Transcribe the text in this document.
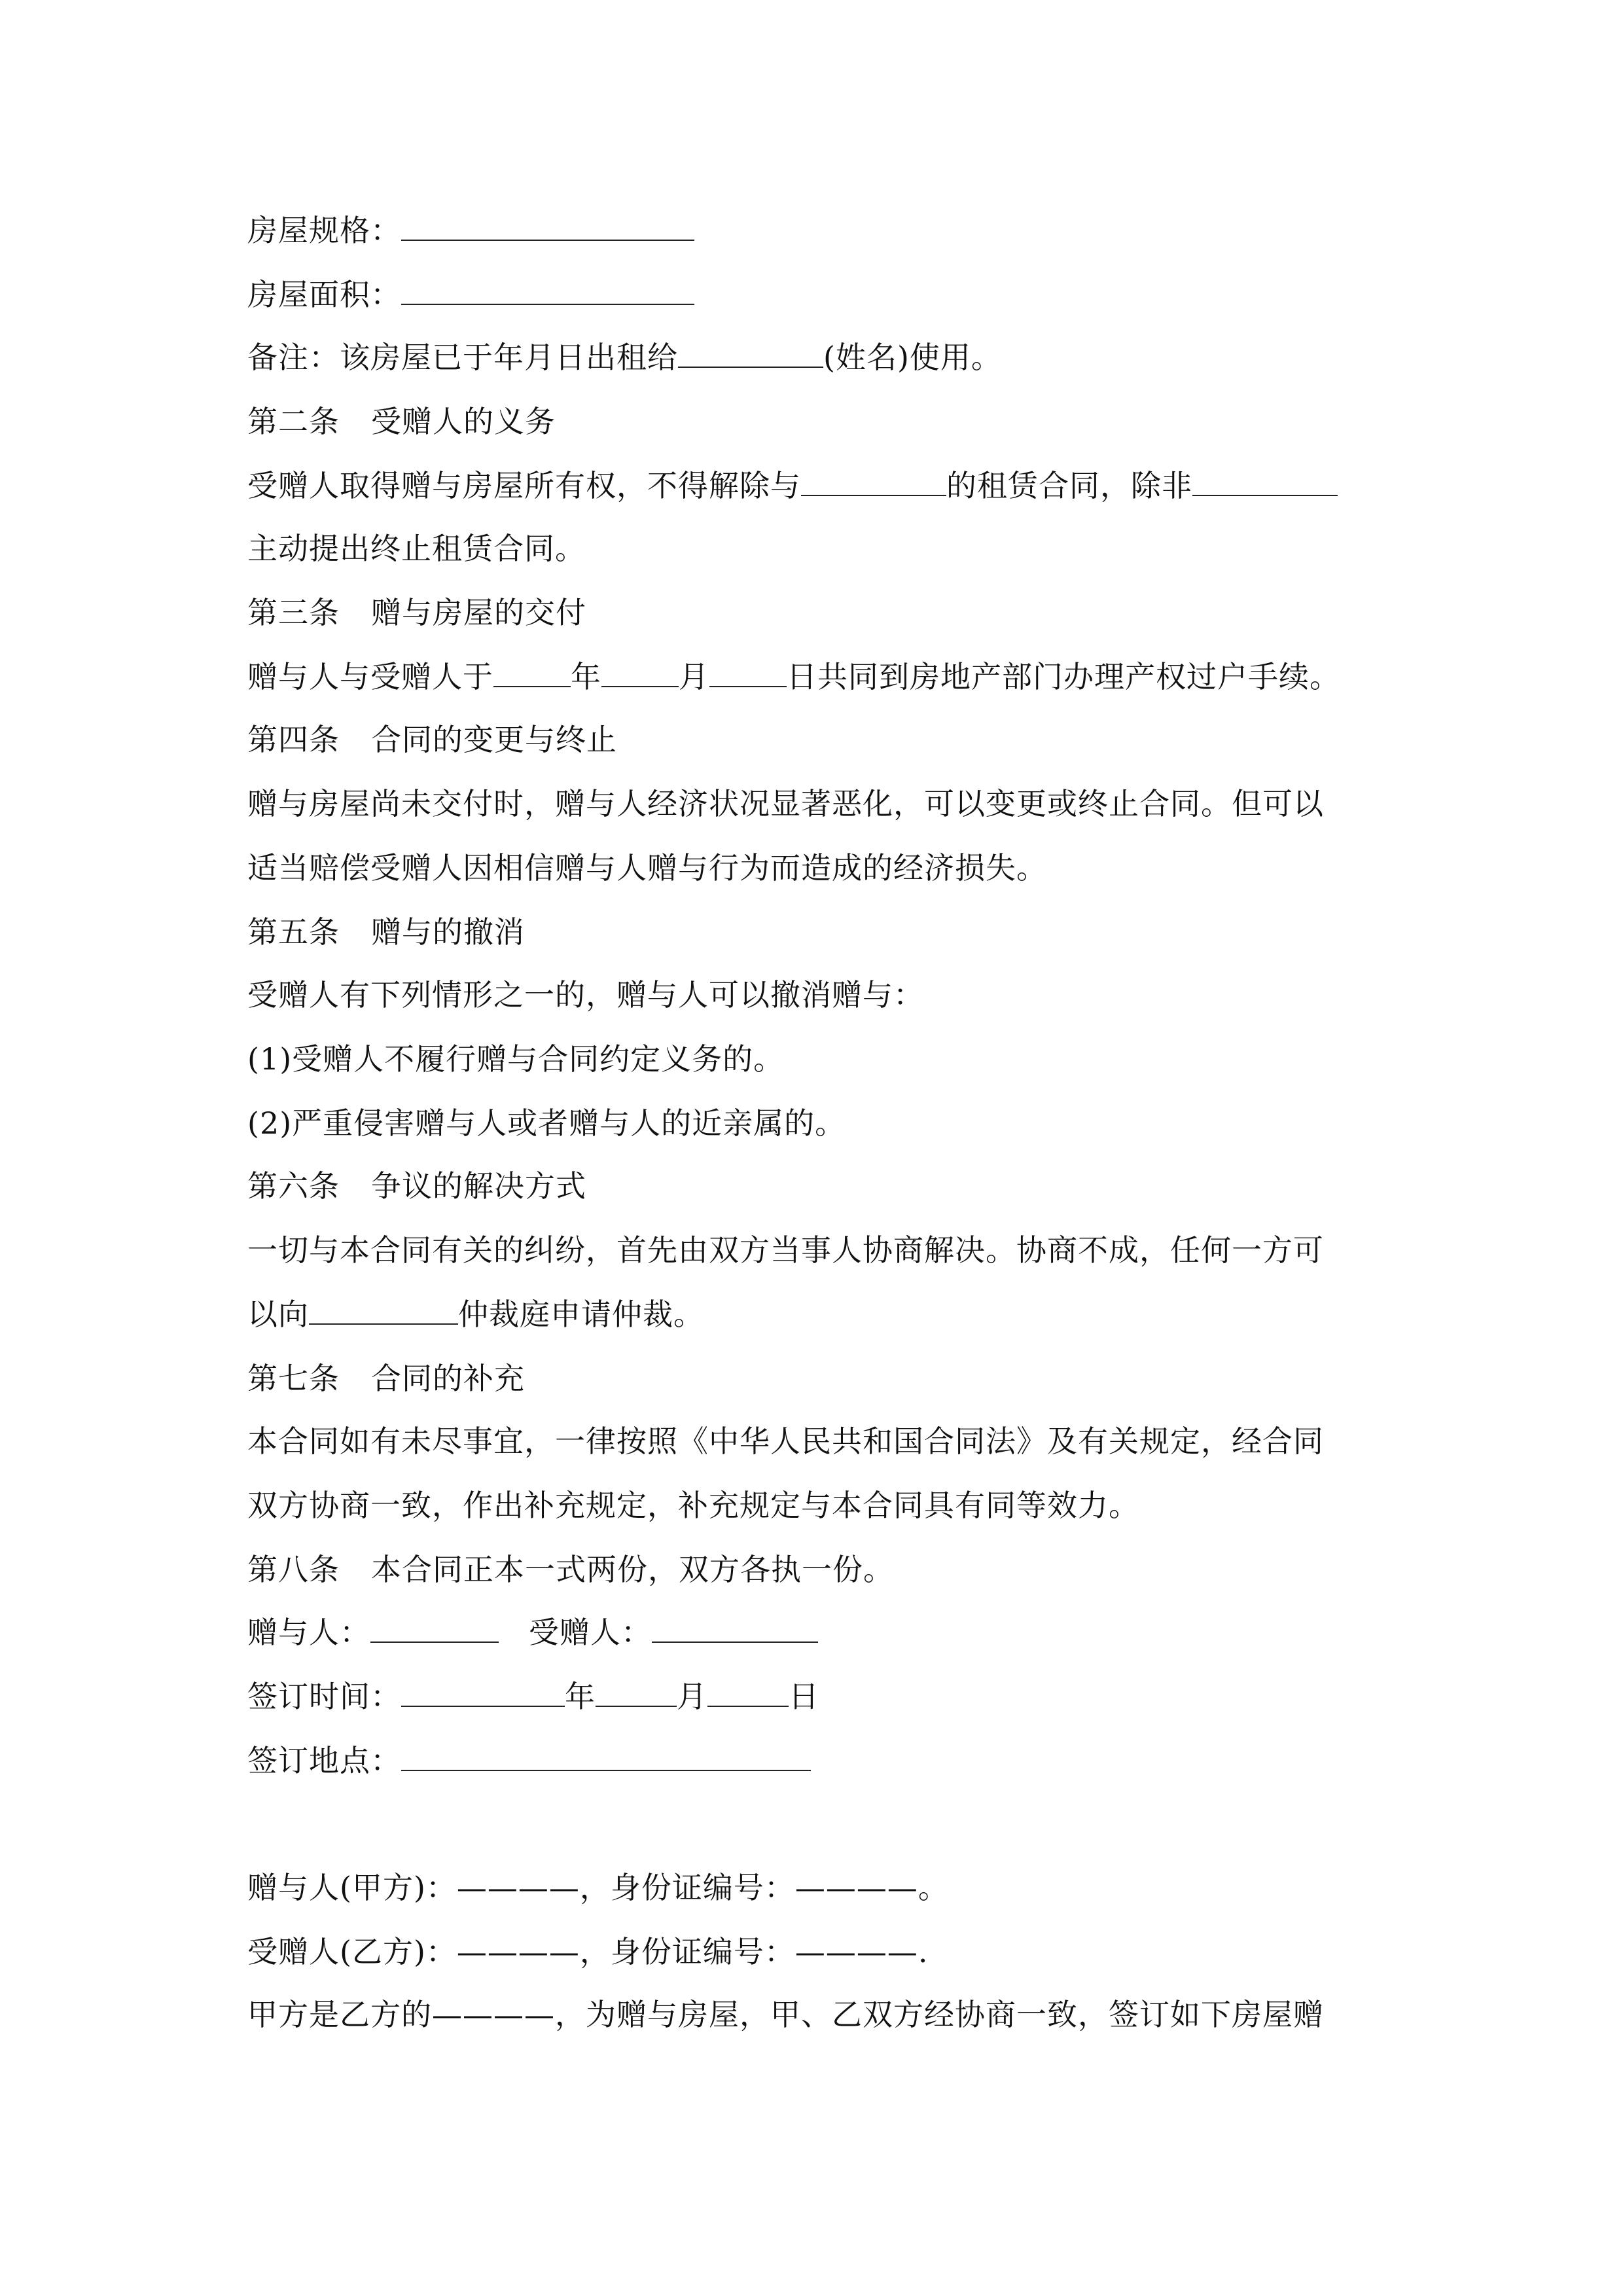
房屋规格：
房屋面积：
备注：该房屋已于年月日出租给	(姓名)使用。
第二条 受赠人的义务
受赠人取得赠与房屋所有权，不得解除与	的租赁合同，除非
主动提出终止租赁合同。
第三条 赠与房屋的交付
赠与人与受赠人于	年	月	日共同到房地产部门办理产权过户手续。
第四条 合同的变更与终止
赠与房屋尚未交付时，赠与人经济状况显著恶化，可以变更或终止合同。但可以
适当赔偿受赠人因相信赠与人赠与行为而造成的经济损失。
第五条 赠与的撤消
受赠人有下列情形之一的，赠与人可以撤消赠与：
(1)受赠人不履行赠与合同约定义务的。
(2)严重侵害赠与人或者赠与人的近亲属的。
第六条 争议的解决方式
一切与本合同有关的纠纷，首先由双方当事人协商解决。协商不成，任何一方可
以向	仲裁庭申请仲裁。
第七条 合同的补充
本合同如有未尽事宜，一律按照《中华人民共和国合同法》及有关规定，经合同
双方协商一致，作出补充规定，补充规定与本合同具有同等效力。
第八条 本合同正本一式两份，双方各执一份。
赠与人：	受赠人：
签订时间：	年	月	日
签订地点：
赠与人(甲方)：————，身份证编号：————。
受赠人(乙方)：————，身份证编号：————.
甲方是乙方的————，为赠与房屋，甲、乙双方经协商一致，签订如下房屋赠
